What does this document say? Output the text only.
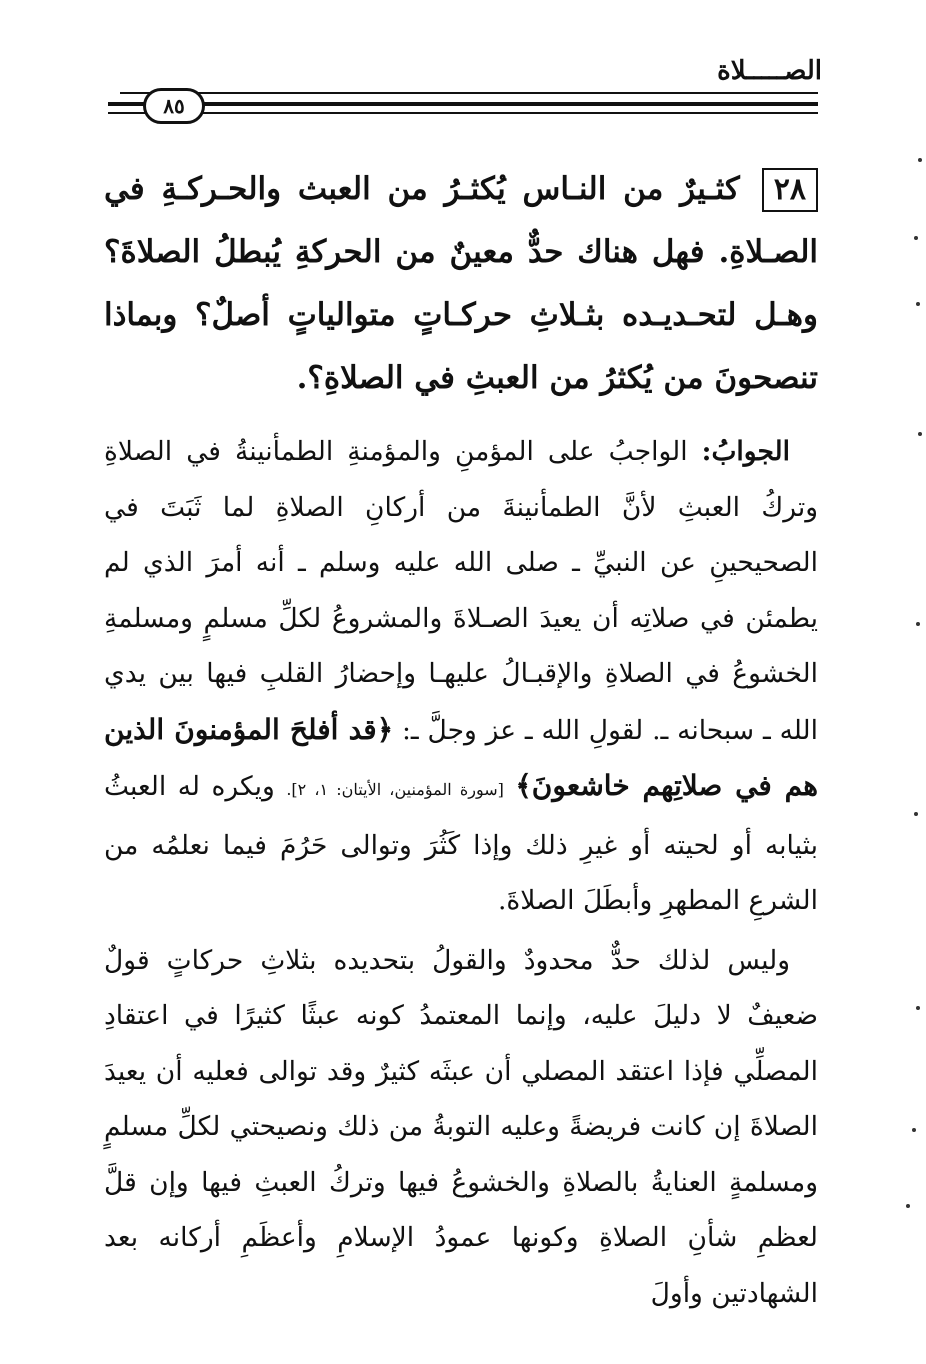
الصـــــلاة
٨٥
٢٨كثـيرٌ من النـاس يُكثـرُ من العبث والحـركـةِ في الصـلاةِ. فهل هناك حدٌّ معينٌ من الحركةِ يُبطلُ الصلاةَ؟ وهـل لتحـديـده بثـلاثِ حركـاتٍ متوالياتٍ أصلٌ؟ وبماذا تنصحونَ من يُكثرُ من العبثِ في الصلاةِ؟.

الجوابُ: الواجبُ على المؤمنِ والمؤمنةِ الطمأنينةُ في الصلاةِ وتركُ العبثِ لأنَّ الطمأنينةَ من أركانِ الصلاةِ لما ثَبَتَ في الصحيحينِ عن النبيِّ ـ صلى الله عليه وسلم ـ أنه أمرَ الذي لم يطمئن في صلاتِه أن يعيدَ الصـلاةَ والمشروعُ لكلِّ مسلمٍ ومسلمةِ الخشوعُ في الصلاةِ والإقبـالُ عليهـا وإحضارُ القلبِ فيها بين يدي الله ـ سبحانه ـ. لقولِ الله ـ عز وجلَّ ـ: ﴿قد أفلحَ المؤمنونَ الذين هم في صلاتِهم خاشعونَ﴾ [سورة المؤمنين، الأيتان: ١، ٢]. ويكره له العبثُ بثيابه أو لحيته أو غيرِ ذلك وإذا كَثُرَ وتوالى حَرُمَ فيما نعلمُه من الشرعِ المطهرِ وأبطَلَ الصلاةَ.

وليس لذلك حدٌّ محدودٌ والقولُ بتحديده بثلاثِ حركاتٍ قولٌ ضعيفٌ لا دليلَ عليه، وإنما المعتمدُ كونه عبثًا كثيرًا في اعتقادِ المصلِّي فإذا اعتقد المصلي أن عبثَه كثيرٌ وقد توالى فعليه أن يعيدَ الصلاةَ إن كانت فريضةً وعليه التوبةُ من ذلك ونصيحتي لكلِّ مسلمٍ ومسلمةٍ العنايةُ بالصلاةِ والخشوعُ فيها وتركُ العبثِ فيها وإن قلَّ لعظمِ شأنِ الصلاةِ وكونها عمودُ الإسلامِ وأعظَمِ أركانه بعد الشهادتين وأولَ
